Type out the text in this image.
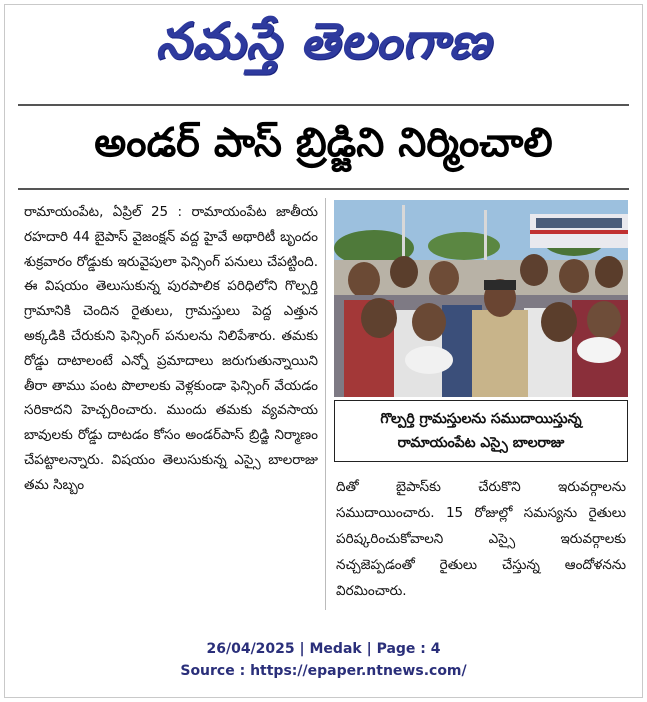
నమస్తే తెలంగాణ
అండర్ పాస్ బ్రిడ్జిని నిర్మించాలి
రామాయంపేట, ఏప్రిల్ 25 : రామాయంపేట జాతీయ రహదారి 44 బైపాస్ వైజంక్షన్ వద్ద హైవే అథారిటీ బృందం శుక్రవారం రోడ్డుకు ఇరువైపులా ఫెన్సింగ్ పనులు చేపట్టింది. ఈ విషయం తెలుసుకున్న పురపాలిక పరిధిలోని గొల్పర్తి గ్రామానికి చెందిన రైతులు, గ్రామస్తులు పెద్ద ఎత్తున అక్కడికి చేరుకుని ఫెన్సింగ్ పనులను నిలిపేశారు. తమకు రోడ్డు దాటాలంటే ఎన్నో ప్రమాదాలు జరుగుతున్నాయిని తీరా తాము పంట పొలాలకు వెళ్లకుండా ఫెన్సింగ్ వేయడం సరికాదని హెచ్చరించారు. ముందు తమకు వ్యవసాయ బావులకు రోడ్డు దాటడం కోసం అండర్‌పాస్ బ్రిడ్జి నిర్మాణం చేపట్టాలన్నారు. విషయం తెలుసుకున్న ఎస్సై బాలరాజు తమ సిబ్బం
గొల్పర్తి గ్రామస్తులను సముదాయిస్తున్న
రామాయంపేట ఎస్సై బాలరాజు
దితో బైపాస్‌కు చేరుకొని ఇరువర్గాలను సముదాయించారు. 15 రోజుల్లో సమస్యను రైతులు పరిష్కరించుకోవాలని ఎస్సై ఇరువర్గాలకు నచ్చజెప్పడంతో రైతులు చేస్తున్న ఆందోళనను విరమించారు.
26/04/2025 | Medak | Page : 4
Source : https://epaper.ntnews.com/
